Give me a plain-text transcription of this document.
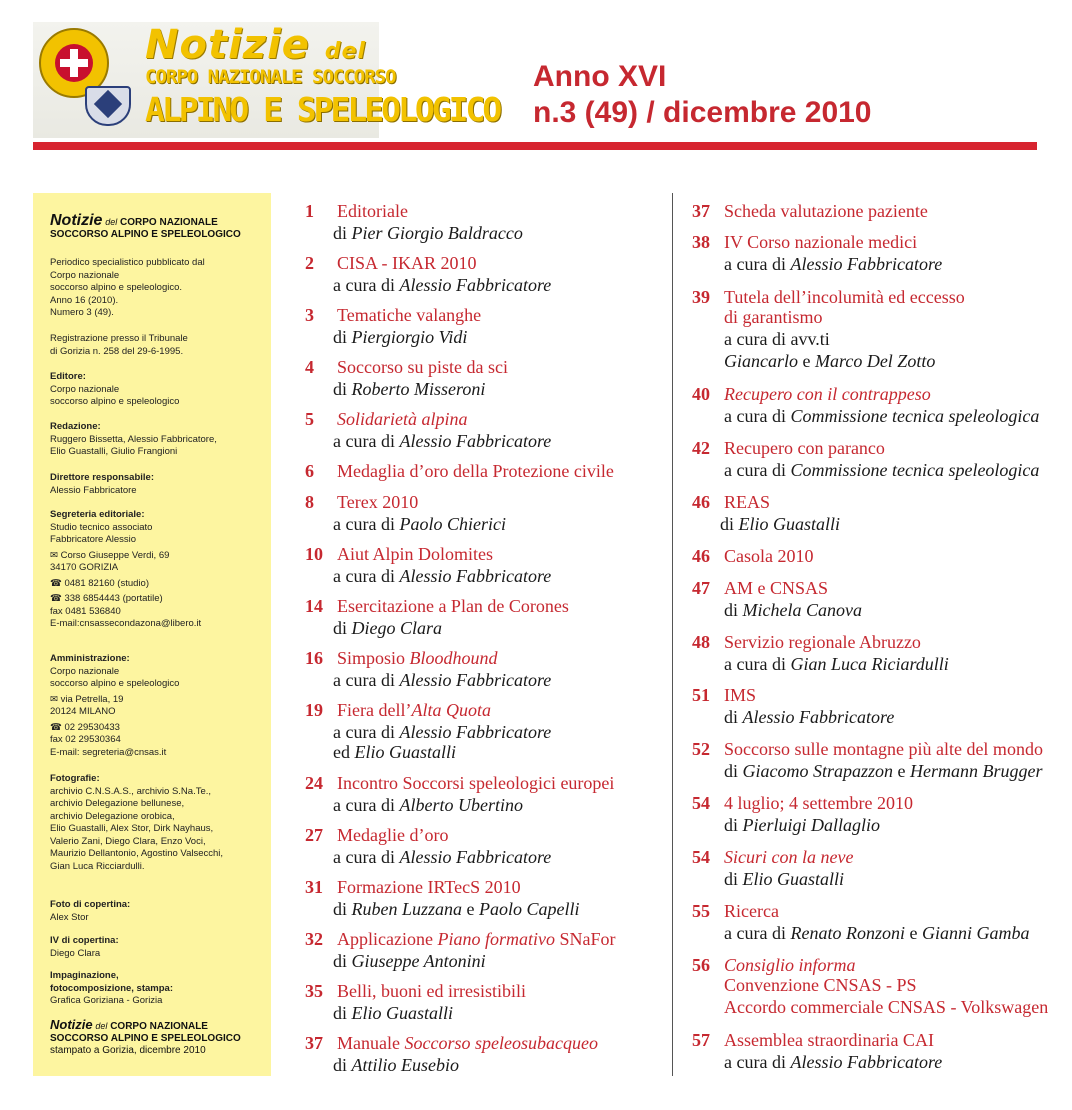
Notizie del
CORPO NAZIONALE SOCCORSO
ALPINO E SPELEOLOGICO
Anno XVI
n.3 (49) / dicembre 2010
Notizie del CORPO NAZIONALE
SOCCORSO ALPINO E SPELEOLOGICO
Periodico specialistico pubblicato dal
Corpo nazionale
soccorso alpino e speleologico.
Anno 16 (2010).
Numero 3 (49).
Registrazione presso il Tribunale
di Gorizia n. 258 del 29-6-1995.
Editore:
Corpo nazionale
soccorso alpino e speleologico
Redazione:
Ruggero Bissetta, Alessio Fabbricatore,
Elio Guastalli, Giulio Frangioni
Direttore responsabile:
Alessio Fabbricatore
Segreteria editoriale:
Studio tecnico associato
Fabbricatore Alessio
✉ Corso Giuseppe Verdi, 69
34170 GORIZIA
☎ 0481 82160 (studio)
☎ 338 6854443 (portatile)
fax 0481 536840
E-mail:cnsassecondazona@libero.it
Amministrazione:
Corpo nazionale
soccorso alpino e speleologico
✉ via Petrella, 19
20124 MILANO
☎ 02 29530433
fax 02 29530364
E-mail: segreteria@cnsas.it
Fotografie:
archivio C.N.S.A.S., archivio S.Na.Te.,
archivio Delegazione bellunese,
archivio Delegazione orobica,
Elio Guastalli, Alex Stor, Dirk Nayhaus,
Valerio Zani, Diego Clara, Enzo Voci,
Maurizio Dellantonio, Agostino Valsecchi,
Gian Luca Ricciardulli.
Foto di copertina:
Alex Stor
IV di copertina:
Diego Clara
Impaginazione,
fotocomposizione, stampa:
Grafica Goriziana - Gorizia
Notizie del CORPO NAZIONALE
SOCCORSO ALPINO E SPELEOLOGICO
stampato a Gorizia, dicembre 2010
1 Editoriale
di Pier Giorgio Baldracco
2 CISA - IKAR 2010
a cura di Alessio Fabbricatore
3 Tematiche valanghe
di Piergiorgio Vidi
4 Soccorso su piste da sci
di Roberto Misseroni
5 Solidarietà alpina
a cura di Alessio Fabbricatore
6 Medaglia d’oro della Protezione civile
8 Terex 2010
a cura di Paolo Chierici
10 Aiut Alpin Dolomites
a cura di Alessio Fabbricatore
14 Esercitazione a Plan de Corones
di Diego Clara
16 Simposio Bloodhound
a cura di Alessio Fabbricatore
19 Fiera dell’Alta Quota
a cura di Alessio Fabbricatore
ed Elio Guastalli
24 Incontro Soccorsi speleologici europei
a cura di Alberto Ubertino
27 Medaglie d’oro
a cura di Alessio Fabbricatore
31 Formazione IRTecS 2010
di Ruben Luzzana e Paolo Capelli
32 Applicazione Piano formativo SNaFor
di Giuseppe Antonini
35 Belli, buoni ed irresistibili
di Elio Guastalli
37 Manuale Soccorso speleosubacqueo
di Attilio Eusebio
37 Scheda valutazione paziente
38 IV Corso nazionale medici
a cura di Alessio Fabbricatore
39 Tutela dell’incolumità ed eccesso
di garantismo
a cura di avv.ti
Giancarlo e Marco Del Zotto
40 Recupero con il contrappeso
a cura di Commissione tecnica speleologica
42 Recupero con paranco
a cura di Commissione tecnica speleologica
46 REAS
di Elio Guastalli
46 Casola 2010
47 AM e CNSAS
di Michela Canova
48 Servizio regionale Abruzzo
a cura di Gian Luca Riciardulli
51 IMS
di Alessio Fabbricatore
52 Soccorso sulle montagne più alte del mondo
di Giacomo Strapazzon e Hermann Brugger
54 4 luglio; 4 settembre 2010
di Pierluigi Dallaglio
54 Sicuri con la neve
di Elio Guastalli
55 Ricerca
a cura di Renato Ronzoni e Gianni Gamba
56 Consiglio informa
Convenzione CNSAS - PS
Accordo commerciale CNSAS - Volkswagen
57 Assemblea straordinaria CAI
a cura di Alessio Fabbricatore
